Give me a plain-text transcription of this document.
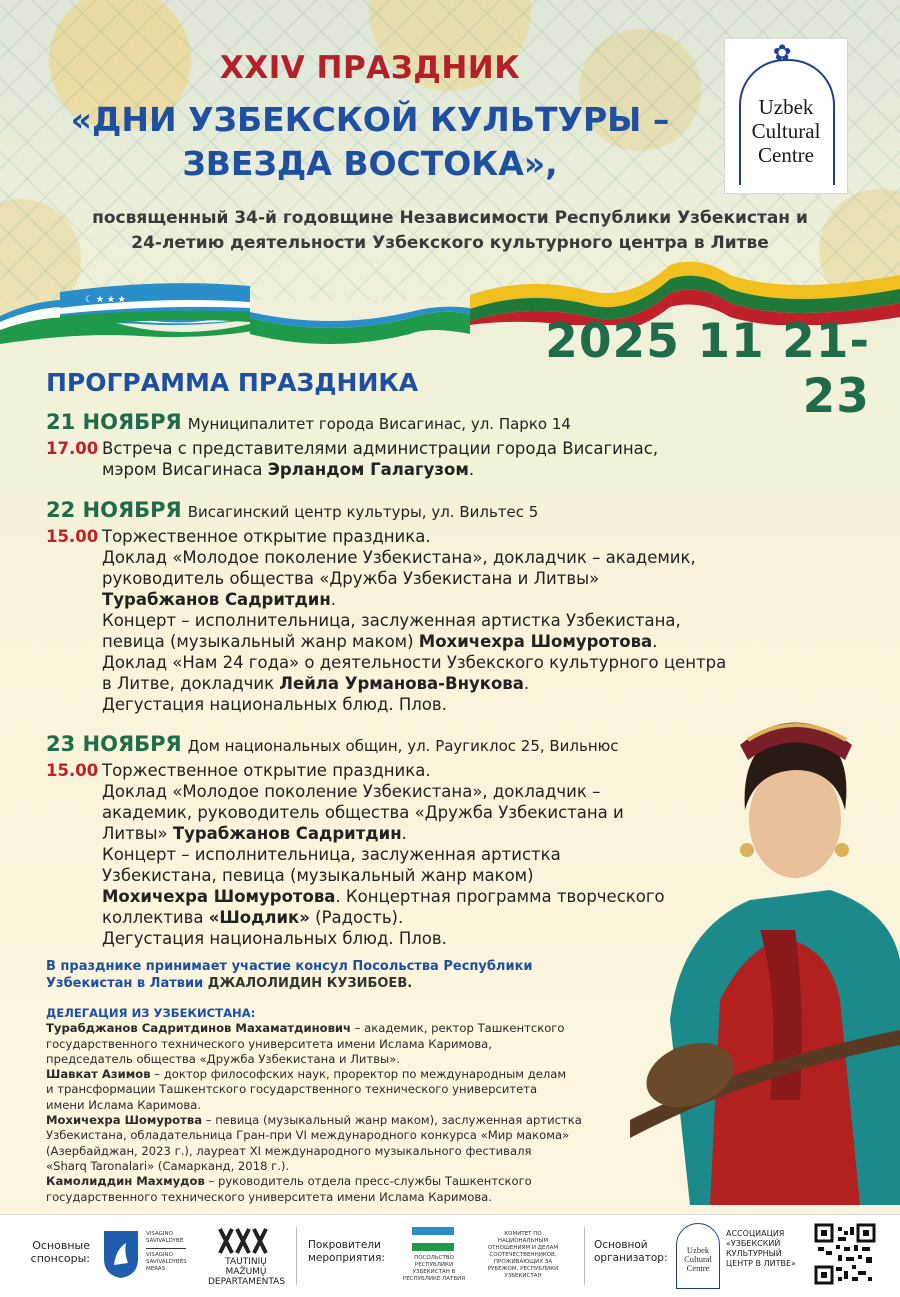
XXIV ПРАЗДНИК
«ДНИ УЗБЕКСКОЙ КУЛЬТУРЫ –
ЗВЕЗДА ВОСТОКА»,
✿
Uzbek
Cultural
Centre
посвященный 34-й годовщине Независимости Республики Узбекистан и
24-летию деятельности Узбекского культурного центра в Литве
☾ ★ ★ ★
2025 11 21-23
ПРОГРАММА ПРАЗДНИКА
21 НОЯБРЯ Муниципалитет города Висагинас, ул. Парко 14
17.00 Встреча с представителями администрации города Висагинас,
мэром Висагинаса Эрландом Галагузом.
22 НОЯБРЯ Висагинский центр культуры, ул. Вильтес 5
15.00 Торжественное открытие праздника.
Доклад «Молодое поколение Узбекистана», докладчик – академик,
руководитель общества «Дружба Узбекистана и Литвы»
Турабжанов Садритдин.
Концерт – исполнительница, заслуженная артистка Узбекистана,
певица (музыкальный жанр маком) Мохичехра Шомуротова.
Доклад «Нам 24 года» о деятельности Узбекского культурного центра
в Литве, докладчик Лейла Урманова-Внукова.
Дегустация национальных блюд. Плов.
23 НОЯБРЯ Дом национальных общин, ул. Раугиклос 25, Вильнюс
15.00 Торжественное открытие праздника.
Доклад «Молодое поколение Узбекистана», докладчик –
академик, руководитель общества «Дружба Узбекистана и
Литвы» Турабжанов Садритдин.
Концерт – исполнительница, заслуженная артистка
Узбекистана, певица (музыкальный жанр маком)
Мохичехра Шомуротова. Концертная программа творческого
коллектива «Шодлик» (Радость).
Дегустация национальных блюд. Плов.
В празднике принимает участие консул Посольства Республики
Узбекистан в Латвии ДЖАЛОЛИДИН КУЗИБОЕВ.
ДЕЛЕГАЦИЯ ИЗ УЗБЕКИСТАНА:
Турабджанов Садритдинов Махаматдинович – академик, ректор Ташкентского
государственного технического университета имени Ислама Каримова,
председатель общества «Дружба Узбекистана и Литвы».
Шавкат Азимов – доктор философских наук, проректор по международным делам
и трансформации Ташкентского государственного технического университета
имени Ислама Каримова.
Мохичехра Шомуротва – певица (музыкальный жанр маком), заслуженная артистка
Узбекистана, обладательница Гран-при VI международного конкурса «Мир макома»
(Азербайджан, 2023 г.), лауреат XI международного музыкального фестиваля
«Sharq Taronalari» (Самарканд, 2018 г.).
Камолиддин Махмудов – руководитель отдела пресс-службы Ташкентского
государственного технического университета имени Ислама Каримова.
Основные
спонсоры:
VISAGINO
SAVIVALDYBĖ
VISAGINO
SAVIVALDYBĖS
MERAS
TAUTINIŲ MAŽUMŲ
DEPARTAMENTAS
Покровители
мероприятия:	ПОСОЛЬСТВО РЕСПУБЛИКИ УЗБЕКИСТАН В РЕСПУБЛИКЕ ЛАТВИЯ
КОМИТЕТ ПО НАЦИОНАЛЬНЫМ ОТНОШЕНИЯМ И ДЕЛАМ СООТЕЧЕСТВЕННИКОВ, ПРОЖИВАЮЩИХ ЗА РУБЕЖОМ, РЕСПУБЛИКИ УЗБЕКИСТАН
Основной
организатор:
Uzbek
Cultural
Centre
АССОЦИАЦИЯ
«УЗБЕКСКИЙ
КУЛЬТУРНЫЙ
ЦЕНТР В ЛИТВЕ»
